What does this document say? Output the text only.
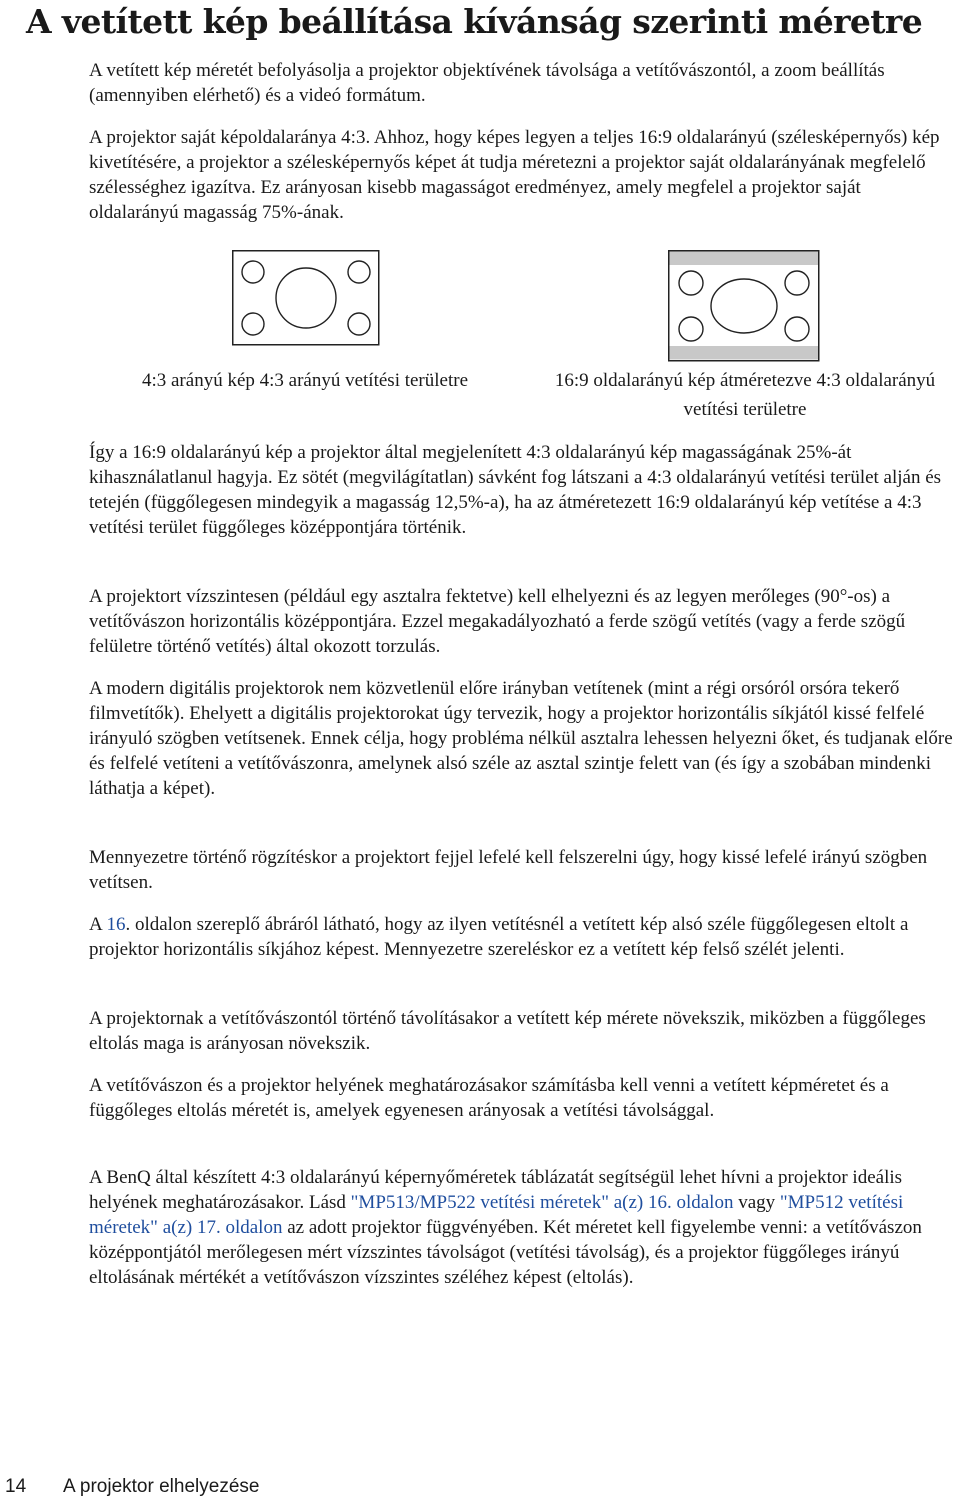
A vetített kép beállítása kívánság szerinti méretre

A vetített kép méretét befolyásolja a projektor objektívének távolsága a vetítővászontól, a zoom beállítás (amennyiben elérhető) és a videó formátum.

A projektor saját képoldalaránya 4:3. Ahhoz, hogy képes legyen a teljes 16:9 oldalarányú (szélesképernyős) kép kivetítésére, a projektor a szélesképernyős képet át tudja méretezni a projektor saját oldalarányának megfelelő szélességhez igazítva. Ez arányosan kisebb magasságot eredményez, amely megfelel a projektor saját oldalarányú magasság 75%-ának.

4:3 arányú kép 4:3 arányú vetítési területre	16:9 oldalarányú kép átméretezve 4:3 oldalarányú vetítési területre

Így a 16:9 oldalarányú kép a projektor által megjelenített 4:3 oldalarányú kép magasságának 25%-át kihasználatlanul hagyja. Ez sötét (megvilágítatlan) sávként fog látszani a 4:3 oldalarányú vetítési terület alján és tetején (függőlegesen mindegyik a magasság 12,5%-a), ha az átméretezett 16:9 oldalarányú kép vetítése a 4:3 vetítési terület függőleges középpontjára történik.

A projektort vízszintesen (például egy asztalra fektetve) kell elhelyezni és az legyen merőleges (90°-os) a vetítővászon horizontális középpontjára. Ezzel megakadályozható a ferde szögű vetítés (vagy a ferde szögű felületre történő vetítés) által okozott torzulás.

A modern digitális projektorok nem közvetlenül előre irányban vetítenek (mint a régi orsóról orsóra tekerő filmvetítők). Ehelyett a digitális projektorokat úgy tervezik, hogy a projektor horizontális síkjától kissé felfelé irányuló szögben vetítsenek. Ennek célja, hogy probléma nélkül asztalra lehessen helyezni őket, és tudjanak előre és felfelé vetíteni a vetítővászonra, amelynek alsó széle az asztal szintje felett van (és így a szobában mindenki láthatja a képet).

Mennyezetre történő rögzítéskor a projektort fejjel lefelé kell felszerelni úgy, hogy kissé lefelé irányú szögben vetítsen.

A 16. oldalon szereplő ábráról látható, hogy az ilyen vetítésnél a vetített kép alsó széle függőlegesen eltolt a projektor horizontális síkjához képest. Mennyezetre szereléskor ez a vetített kép felső szélét jelenti.

A projektornak a vetítővászontól történő távolításakor a vetített kép mérete növekszik, miközben a függőleges eltolás maga is arányosan növekszik.

A vetítővászon és a projektor helyének meghatározásakor számításba kell venni a vetített képméretet és a függőleges eltolás méretét is, amelyek egyenesen arányosak a vetítési távolsággal.

A BenQ által készített 4:3 oldalarányú képernyőméretek táblázatát segítségül lehet hívni a projektor ideális helyének meghatározásakor. Lásd "MP513/MP522 vetítési méretek" a(z) 16. oldalon vagy "MP512 vetítési méretek" a(z) 17. oldalon az adott projektor függvényében. Két méretet kell figyelembe venni: a vetítővászon középpontjától merőlegesen mért vízszintes távolságot (vetítési távolság), és a projektor függőleges irányú eltolásának mértékét a vetítővászon vízszintes széléhez képest (eltolás).

14 A projektor elhelyezése
